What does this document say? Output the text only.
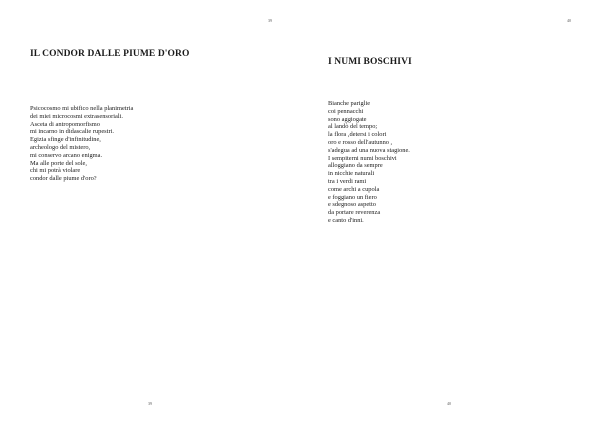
39
IL CONDOR DALLE PIUME D'ORO
Psicocosmo mi ubifico nella planimetria
dei miei microcosmi extrasensoriali.
Asceta di antropomorfismo
mi incarno in didascalie rupestri.
Egizia sfinge d'infinitudine,
archeologo del mistero,
mi conservo arcano enigma.
Ma alle porte del sole,
chi mi potrà violare
condor dalle piume d'oro?
39
40
I NUMI BOSCHIVI
Bianche pariglie
coi pennacchi
sono aggiogate
al landò del tempo;
la flora ,detersi i colori
oro e rosso dell'autunno ,
s'adegua ad una nuova stagione.
I sempiterni numi boschivi
alloggiano da sempre
in nicchie naturali
tra i verdi rami
come archi a cupola
e foggiano un fiero
e sdegnoso aspetto
da portare reverenza
e canto d'inni.
40
